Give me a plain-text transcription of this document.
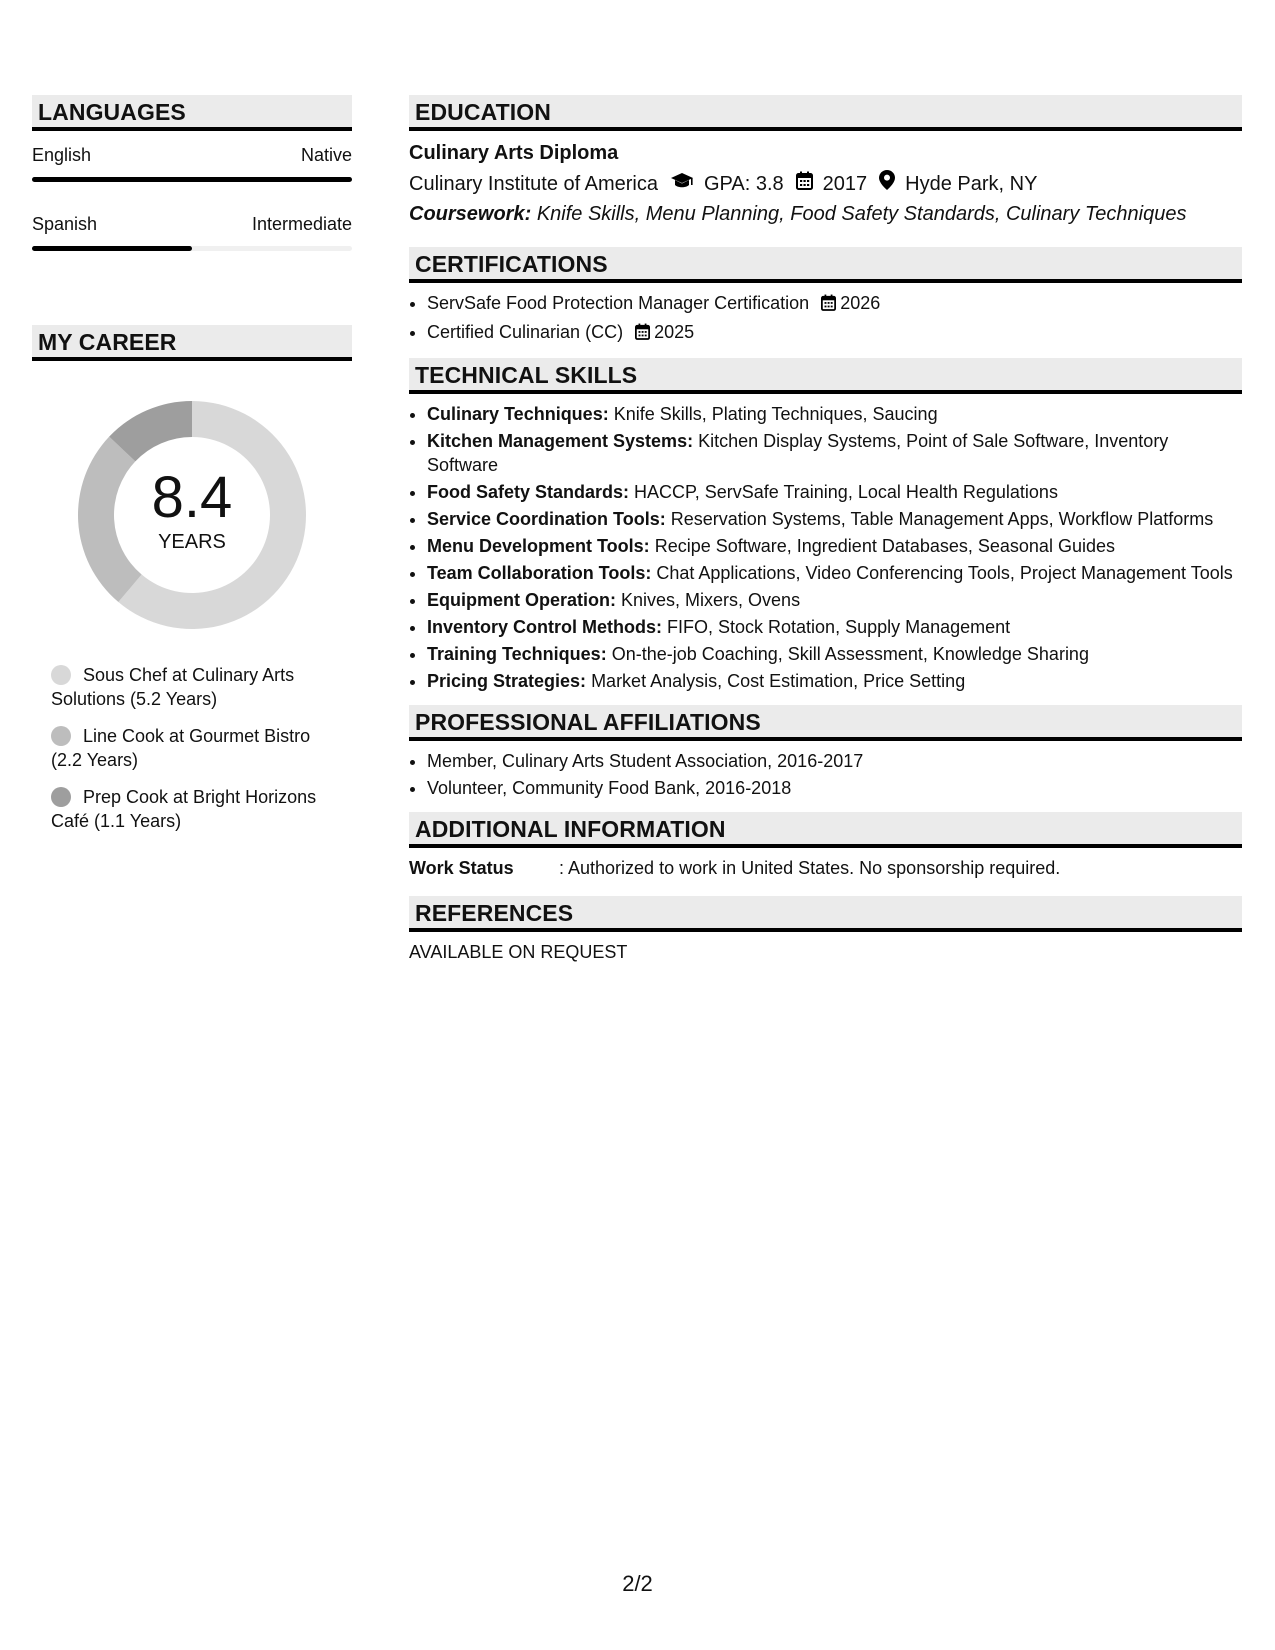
LANGUAGES
English	Native
Spanish	Intermediate
MY CAREER
8.4
YEARS
Sous Chef at Culinary Arts Solutions (5.2 Years)
Line Cook at Gourmet Bistro (2.2 Years)
Prep Cook at Bright Horizons Café (1.1 Years)
EDUCATION
Culinary Arts Diploma
Culinary Institute of America GPA: 3.8 2017 Hyde Park, NY
Coursework: Knife Skills, Menu Planning, Food Safety Standards, Culinary Techniques
CERTIFICATIONS
• ServSafe Food Protection Manager Certification 2026
• Certified Culinarian (CC) 2025
TECHNICAL SKILLS
• Culinary Techniques: Knife Skills, Plating Techniques, Saucing
• Kitchen Management Systems: Kitchen Display Systems, Point of Sale Software, Inventory Software
• Food Safety Standards: HACCP, ServSafe Training, Local Health Regulations
• Service Coordination Tools: Reservation Systems, Table Management Apps, Workflow Platforms
• Menu Development Tools: Recipe Software, Ingredient Databases, Seasonal Guides
• Team Collaboration Tools: Chat Applications, Video Conferencing Tools, Project Management Tools
• Equipment Operation: Knives, Mixers, Ovens
• Inventory Control Methods: FIFO, Stock Rotation, Supply Management
• Training Techniques: On-the-job Coaching, Skill Assessment, Knowledge Sharing
• Pricing Strategies: Market Analysis, Cost Estimation, Price Setting
PROFESSIONAL AFFILIATIONS
• Member, Culinary Arts Student Association, 2016-2017
• Volunteer, Community Food Bank, 2016-2018
ADDITIONAL INFORMATION
Work Status	: Authorized to work in United States. No sponsorship required.
REFERENCES
AVAILABLE ON REQUEST
2/2
